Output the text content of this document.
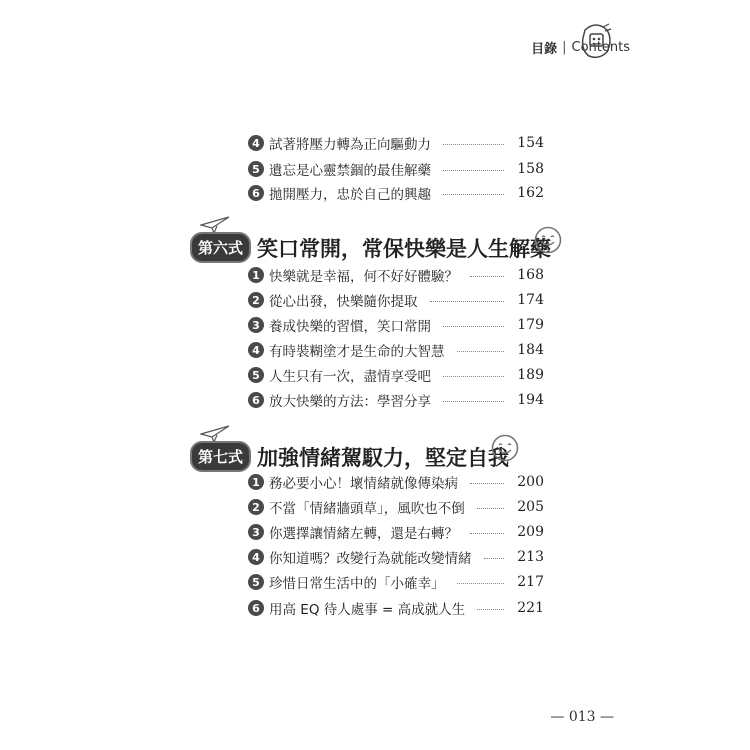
目錄 | Contents
4 試著將壓力轉為正向驅動力	154
5 遺忘是心靈禁錮的最佳解藥	158
6 拋開壓力，忠於自己的興趣	162
第六式 笑口常開，常保快樂是人生解藥
1 快樂就是幸福，何不好好體驗？	168
2 從心出發，快樂隨你提取	174
3 養成快樂的習慣，笑口常開	179
4 有時裝糊塗才是生命的大智慧	184
5 人生只有一次，盡情享受吧	189
6 放大快樂的方法：學習分享	194
第七式 加強情緒駕馭力，堅定自我
1 務必要小心！壞情緒就像傳染病	200
2 不當「情緒牆頭草」，風吹也不倒	205
3 你選擇讓情緒左轉，還是右轉？	209
4 你知道嗎？改變行為就能改變情緒	213
5 珍惜日常生活中的「小確幸」	217
6 用高 EQ 待人處事 = 高成就人生	221
— 013 —
